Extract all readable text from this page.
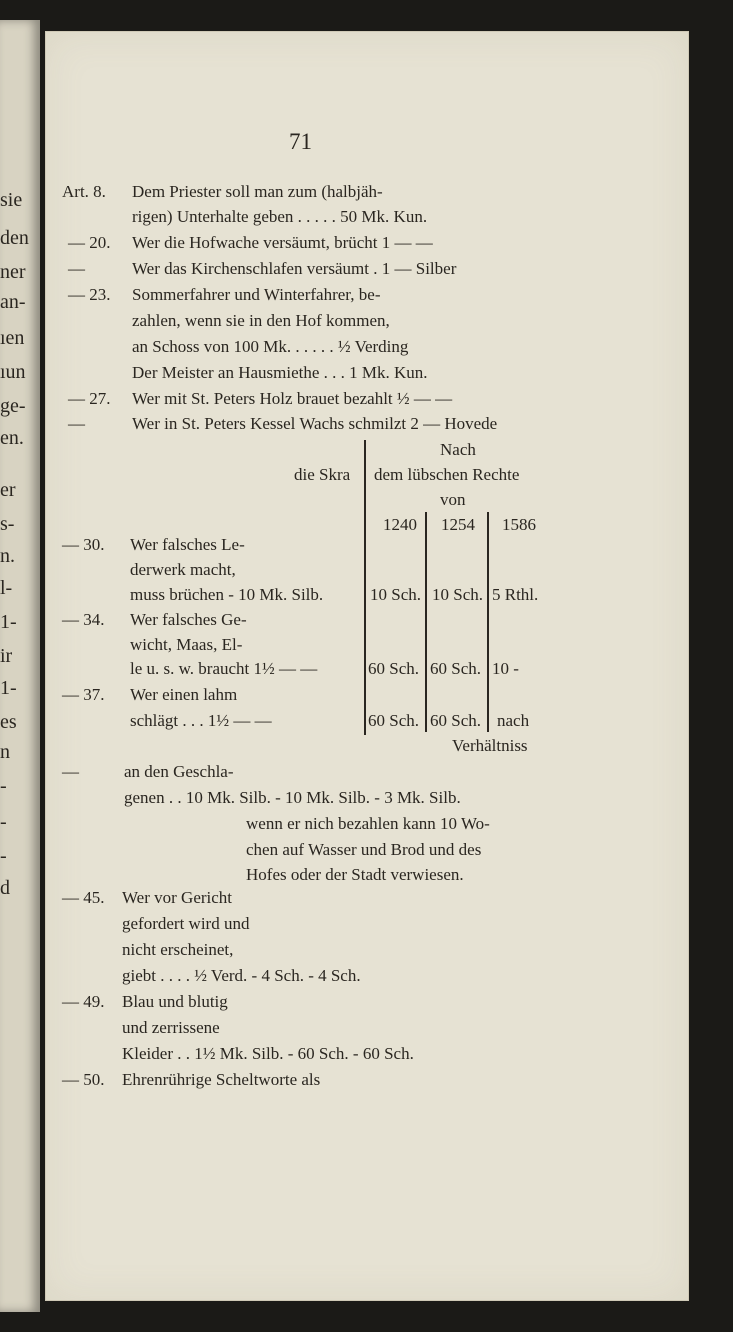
71
Art. 8. Dem Priester soll man zum (halbjäh-
rigen) Unterhalte geben . . . . . 50 Mk. Kun.
— 20. Wer die Hofwache versäumt, brücht 1 — —
—	Wer das Kirchenschlafen versäumt . 1 — Silber
— 23. Sommerfahrer und Winterfahrer, be-
zahlen, wenn sie in den Hof kommen,
an Schoss von 100 Mk. . . . . . ½ Verding
Der Meister an Hausmiethe . . . 1 Mk. Kun.
— 27. Wer mit St. Peters Holz brauet bezahlt ½ — —
—	Wer in St. Peters Kessel Wachs schmilzt 2 — Hovede
Nach
die Skra dem lübschen Rechte
von
1240 1254 1586
— 30. Wer falsches Le-
derwerk macht,
muss brüchen - 10 Mk. Silb.	10 Sch. 10 Sch. 5 Rthl.
— 34. Wer falsches Ge-
wicht, Maas, El-
le u. s. w. braucht 1½ — —	60 Sch. 60 Sch. 10 -
— 37. Wer einen lahm
schlägt . . . 1½ — —	60 Sch. 60 Sch. nach
Verhältniss
—	an den Geschla-
genen . . 10 Mk. Silb. - 10 Mk. Silb. - 3 Mk. Silb.
wenn er nich bezahlen kann 10 Wo-
chen auf Wasser und Brod und des
Hofes oder der Stadt verwiesen.
— 45. Wer vor Gericht
gefordert wird und
nicht erscheinet,
giebt . . . . ½ Verd. - 4 Sch. - 4 Sch.
— 49. Blau und blutig
und zerrissene
Kleider . . 1½ Mk. Silb. - 60 Sch. - 60 Sch.
— 50. Ehrenrührige Scheltworte als
sie
den
ner
an-
ıen
ıun
ge-
en.
er
s-
n.
l-
1-
ir
1-
es
n
-
-
-
d
